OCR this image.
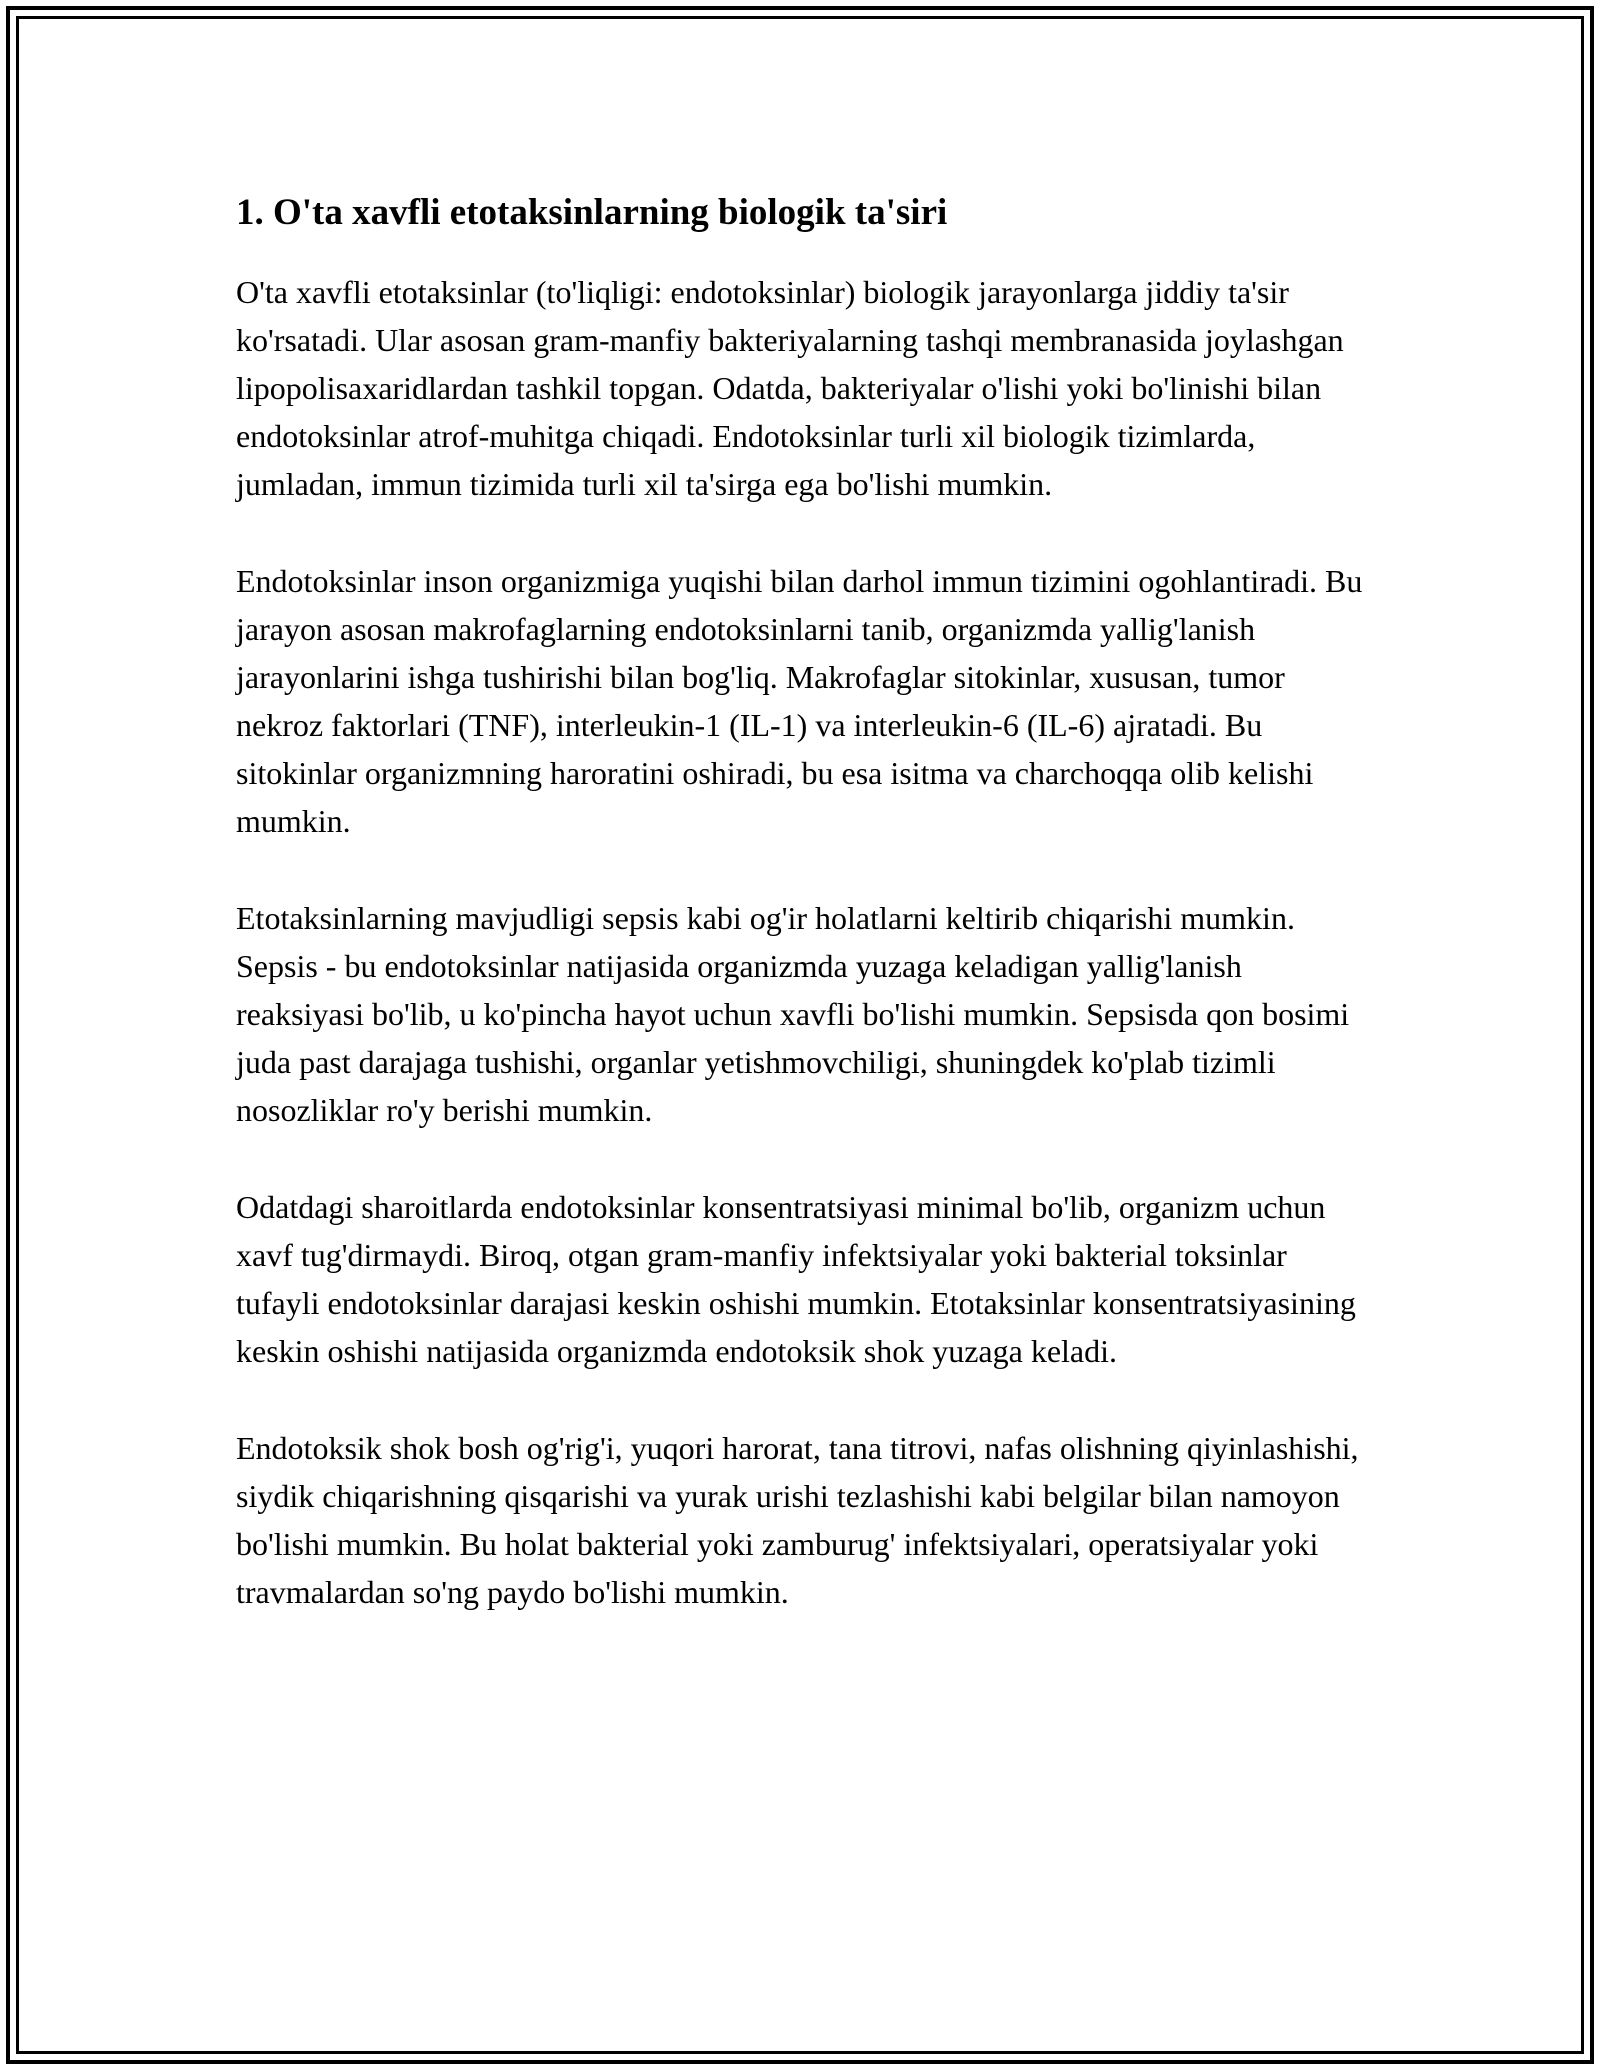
1. O'ta xavfli etotaksinlarning biologik ta'siri

O'ta xavfli etotaksinlar (to'liqligi: endotoksinlar) biologik jarayonlarga jiddiy ta'sir ko'rsatadi. Ular asosan gram-manfiy bakteriyalarning tashqi membranasida joylashgan lipopolisaxaridlardan tashkil topgan. Odatda, bakteriyalar o'lishi yoki bo'linishi bilan endotoksinlar atrof-muhitga chiqadi. Endotoksinlar turli xil biologik tizimlarda, jumladan, immun tizimida turli xil ta'sirga ega bo'lishi mumkin.

Endotoksinlar inson organizmiga yuqishi bilan darhol immun tizimini ogohlantiradi. Bu jarayon asosan makrofaglarning endotoksinlarni tanib, organizmda yallig'lanish jarayonlarini ishga tushirishi bilan bog'liq. Makrofaglar sitokinlar, xususan, tumor nekroz faktorlari (TNF), interleukin-1 (IL-1) va interleukin-6 (IL-6) ajratadi. Bu sitokinlar organizmning haroratini oshiradi, bu esa isitma va charchoqqa olib kelishi mumkin.

Etotaksinlarning mavjudligi sepsis kabi og'ir holatlarni keltirib chiqarishi mumkin. Sepsis - bu endotoksinlar natijasida organizmda yuzaga keladigan yallig'lanish reaksiyasi bo'lib, u ko'pincha hayot uchun xavfli bo'lishi mumkin. Sepsisda qon bosimi juda past darajaga tushishi, organlar yetishmovchiligi, shuningdek ko'plab tizimli nosozliklar ro'y berishi mumkin.

Odatdagi sharoitlarda endotoksinlar konsentratsiyasi minimal bo'lib, organizm uchun xavf tug'dirmaydi. Biroq, otgan gram-manfiy infektsiyalar yoki bakterial toksinlar tufayli endotoksinlar darajasi keskin oshishi mumkin. Etotaksinlar konsentratsiyasining keskin oshishi natijasida organizmda endotoksik shok yuzaga keladi.

Endotoksik shok bosh og'rig'i, yuqori harorat, tana titrovi, nafas olishning qiyinlashishi, siydik chiqarishning qisqarishi va yurak urishi tezlashishi kabi belgilar bilan namoyon bo'lishi mumkin. Bu holat bakterial yoki zamburug' infektsiyalari, operatsiyalar yoki travmalardan so'ng paydo bo'lishi mumkin.
